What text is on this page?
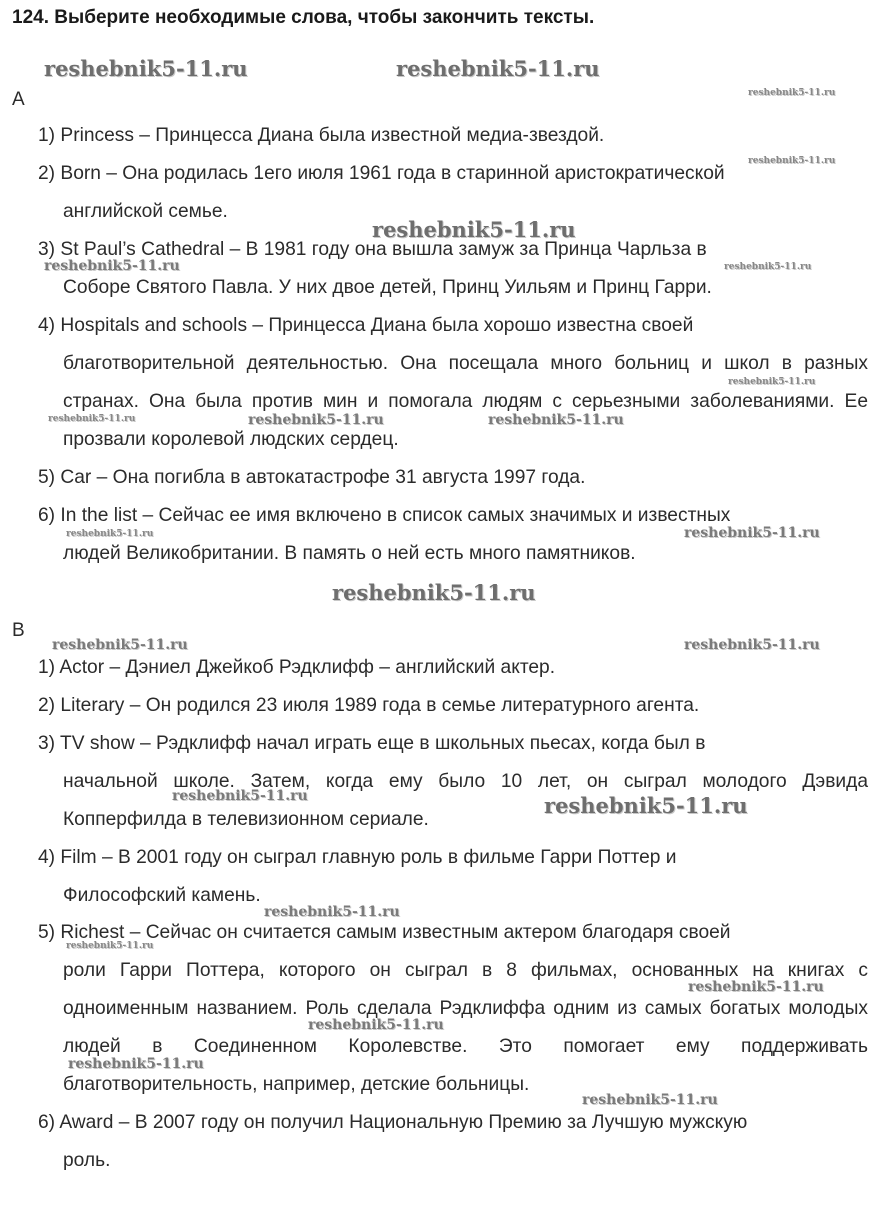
124. Выберите необходимые слова, чтобы закончить тексты.
A
1) Princess – Принцесса Диана была известной медиа-звездой.
2) Born – Она родилась 1его июля 1961 года в старинной аристократической
английской семье.
3) St Paul’s Cathedral – В 1981 году она вышла замуж за Принца Чарльза в
Соборе Святого Павла. У них двое детей, Принц Уильям и Принц Гарри.
4) Hospitals and schools – Принцесса Диана была хорошо известна своей
благотворительной деятельностью. Она посещала много больниц и школ в разных странах. Она была против мин и помогала людям с серьезными заболеваниями. Ее прозвали королевой людских сердец.
5) Car – Она погибла в автокатастрофе 31 августа 1997 года.
6) In the list – Сейчас ее имя включено в список самых значимых и известных
людей Великобритании. В память о ней есть много памятников.
B
1) Actor – Дэниел Джейкоб Рэдклифф – английский актер.
2) Literary – Он родился 23 июля 1989 года в семье литературного агента.
3) TV show – Рэдклифф начал играть еще в школьных пьесах, когда был в
начальной школе. Затем, когда ему было 10 лет, он сыграл молодого Дэвида Копперфилда в телевизионном сериале.
4) Film – В 2001 году он сыграл главную роль в фильме Гарри Поттер и
Философский камень.
5) Richest – Сейчас он считается самым известным актером благодаря своей
роли Гарри Поттера, которого он сыграл в 8 фильмах, основанных на книгах с одноименным названием. Роль сделала Рэдклиффа одним из самых богатых молодых людей в Соединенном Королевстве. Это помогает ему поддерживать благотворительность, например, детские больницы.
6) Award – В 2007 году он получил Национальную Премию за Лучшую мужскую
роль.
reshebnik5-11.ru	reshebnik5-11.ru
reshebnik5-11.ru
reshebnik5-11.ru
reshebnik5-11.ru
reshebnik5-11.ru	reshebnik5-11.ru
reshebnik5-11.ru
reshebnik5-11.ru	reshebnik5-11.ru	reshebnik5-11.ru
reshebnik5-11.ru	reshebnik5-11.ru
reshebnik5-11.ru
reshebnik5-11.ru	reshebnik5-11.ru
reshebnik5-11.ru	reshebnik5-11.ru
reshebnik5-11.ru
reshebnik5-11.ru
reshebnik5-11.ru
reshebnik5-11.ru
reshebnik5-11.ru
reshebnik5-11.ru
